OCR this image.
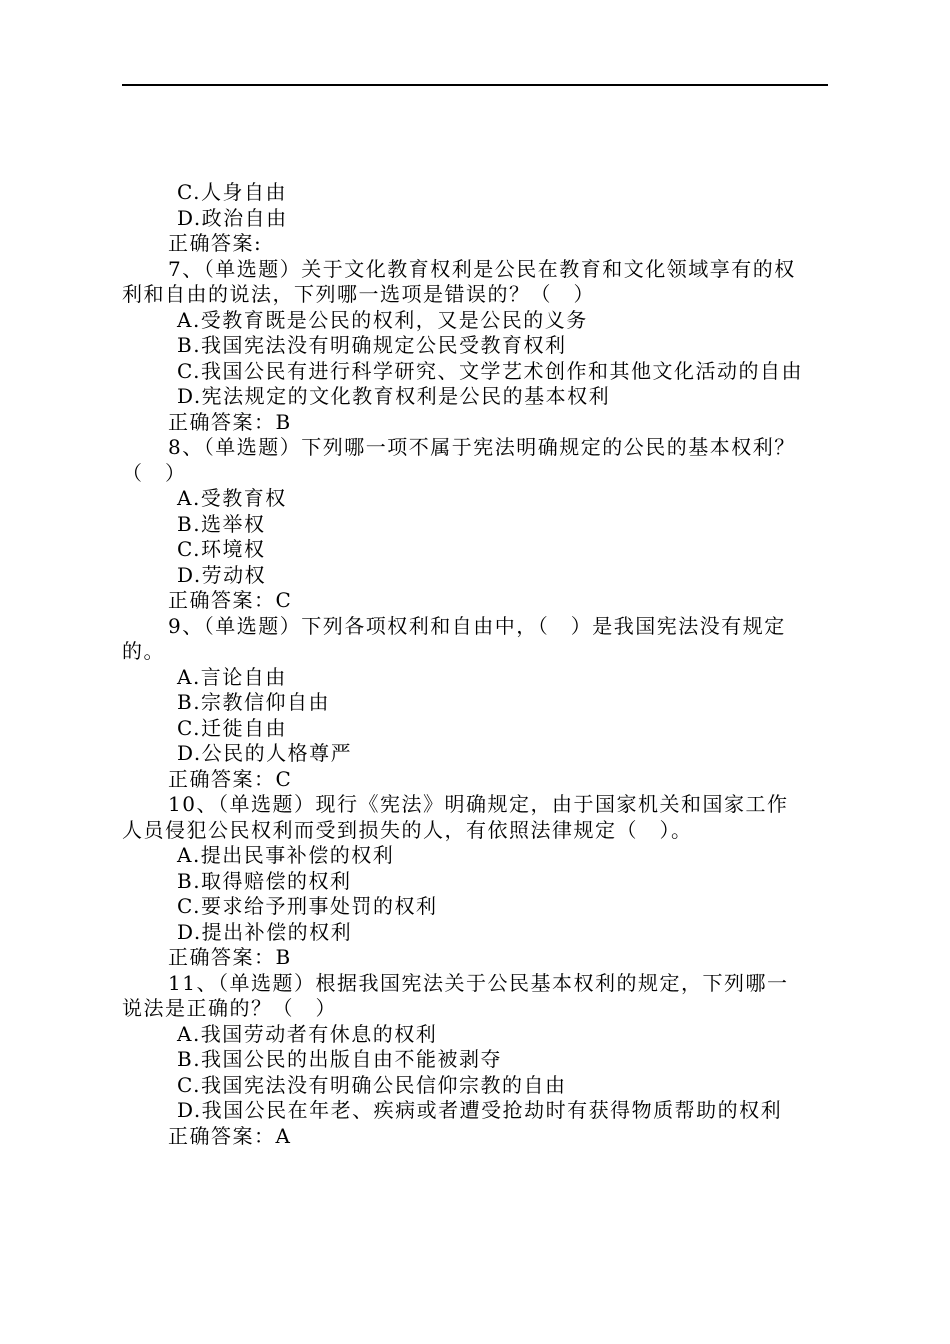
C.人身自由
D.政治自由
正确答案:
7、（单选题）关于文化教育权利是公民在教育和文化领域享有的权
利和自由的说法，下列哪一选项是错误的？（　）
A.受教育既是公民的权利，又是公民的义务
B.我国宪法没有明确规定公民受教育权利
C.我国公民有进行科学研究、文学艺术创作和其他文化活动的自由
D.宪法规定的文化教育权利是公民的基本权利
正确答案：B
8、（单选题）下列哪一项不属于宪法明确规定的公民的基本权利？
（　）
A.受教育权
B.选举权
C.环境权
D.劳动权
正确答案：C
9、（单选题）下列各项权利和自由中，（　）是我国宪法没有规定
的。
A.言论自由
B.宗教信仰自由
C.迁徙自由
D.公民的人格尊严
正确答案：C
10、（单选题）现行《宪法》明确规定，由于国家机关和国家工作
人员侵犯公民权利而受到损失的人，有依照法律规定（　）。
A.提出民事补偿的权利
B.取得赔偿的权利
C.要求给予刑事处罚的权利
D.提出补偿的权利
正确答案：B
11、（单选题）根据我国宪法关于公民基本权利的规定，下列哪一
说法是正确的？（　）
A.我国劳动者有休息的权利
B.我国公民的出版自由不能被剥夺
C.我国宪法没有明确公民信仰宗教的自由
D.我国公民在年老、疾病或者遭受抢劫时有获得物质帮助的权利
正确答案：A
